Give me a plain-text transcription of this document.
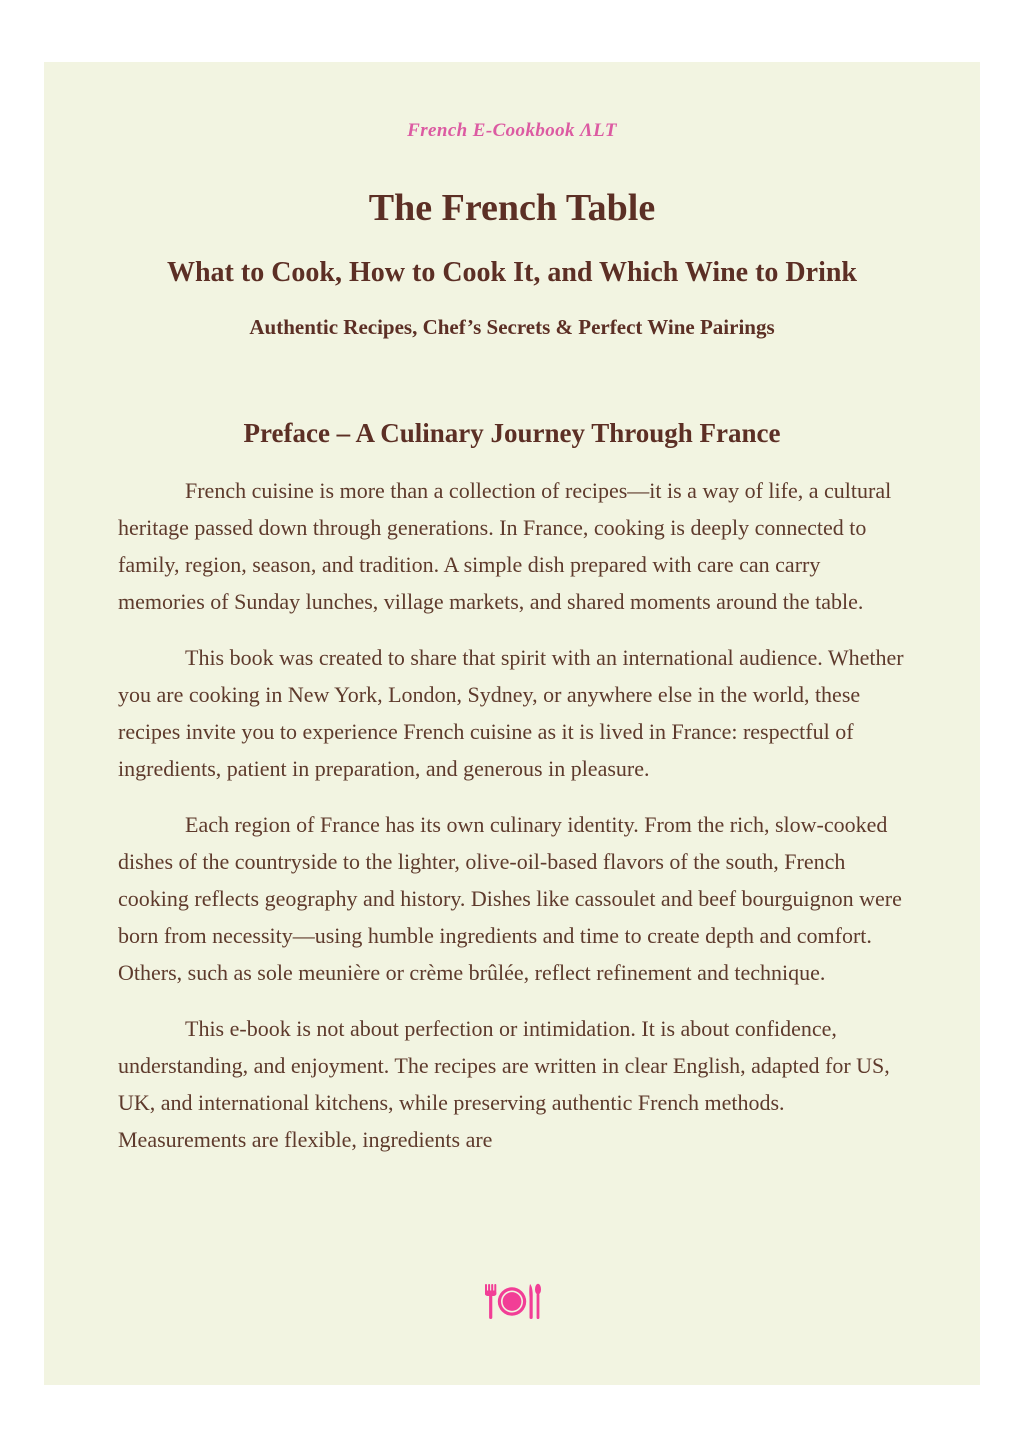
French E-Cookbook ΛLT
The French Table
What to Cook, How to Cook It, and Which Wine to Drink
Authentic Recipes, Chef’s Secrets & Perfect Wine Pairings
Preface – A Culinary Journey Through France

French cuisine is more than a collection of recipes—it is a way of life, a cultural heritage passed down through generations. In France, cooking is deeply connected to family, region, season, and tradition. A simple dish prepared with care can carry memories of Sunday lunches, village markets, and shared moments around the table.

This book was created to share that spirit with an international audience. Whether you are cooking in New York, London, Sydney, or anywhere else in the world, these recipes invite you to experience French cuisine as it is lived in France: respectful of ingredients, patient in preparation, and generous in pleasure.

Each region of France has its own culinary identity. From the rich, slow-cooked dishes of the countryside to the lighter, olive-oil-based flavors of the south, French cooking reflects geography and history. Dishes like cassoulet and beef bourguignon were born from necessity—using humble ingredients and time to create depth and comfort. Others, such as sole meunière or crème brûlée, reflect refinement and technique.

This e-book is not about perfection or intimidation. It is about confidence, understanding, and enjoyment. The recipes are written in clear English, adapted for US, UK, and international kitchens, while preserving authentic French methods. Measurements are flexible, ingredients are
